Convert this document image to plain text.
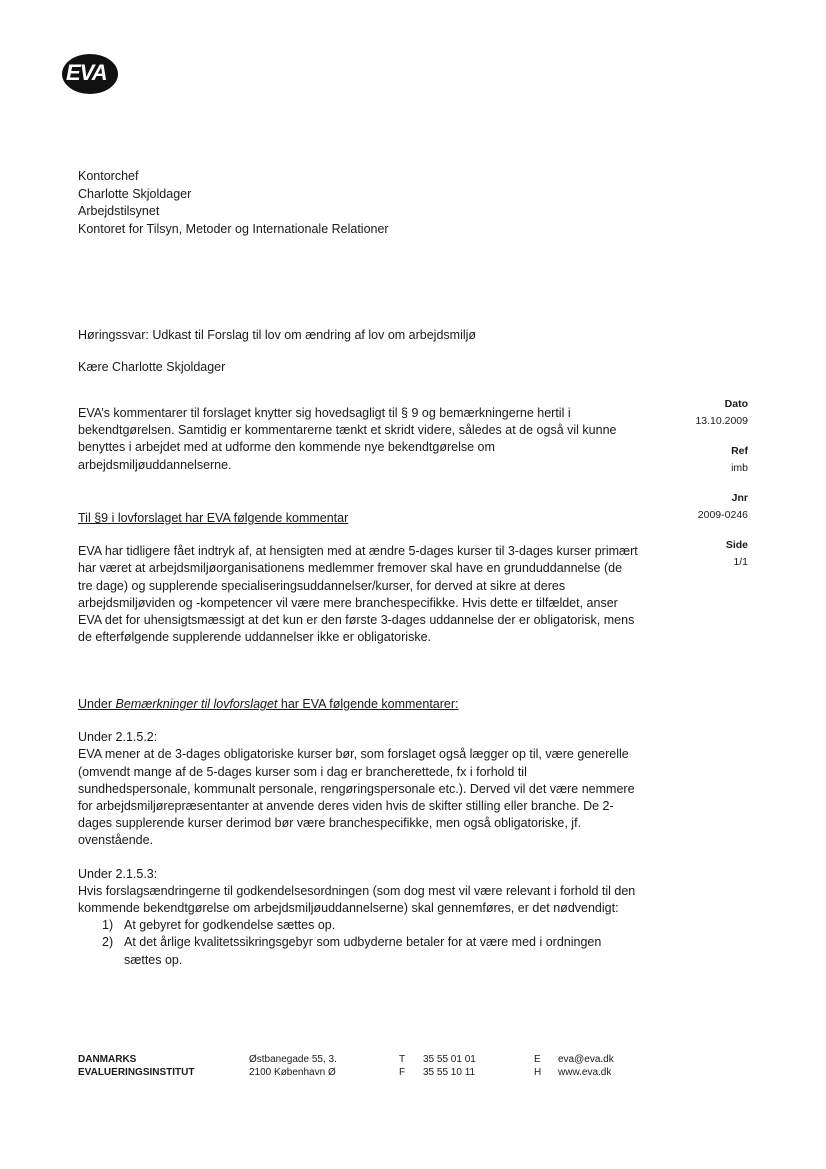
EVA
Kontorchef
Charlotte Skjoldager
Arbejdstilsynet
Kontoret for Tilsyn, Metoder og Internationale Relationer
Høringssvar: Udkast til Forslag til lov om ændring af lov om arbejdsmiljø
Kære Charlotte Skjoldager

EVA’s kommentarer til forslaget knytter sig hovedsagligt til § 9 og bemærkningerne hertil i bekendtgørelsen. Samtidig er kommentarerne tænkt et skridt videre, således at de også vil kunne benyttes i arbejdet med at udforme den kommende nye bekendtgørelse om arbejdsmiljøuddannelserne.

Til §9 i lovforslaget har EVA følgende kommentar

EVA har tidligere fået indtryk af, at hensigten med at ændre 5-dages kurser til 3-dages kurser primært har været at arbejdsmiljøorganisationens medlemmer fremover skal have en grunduddannelse (de tre dage) og supplerende specialiseringsuddannelser/kurser, for derved at sikre at deres arbejdsmiljøviden og -kompetencer vil være mere branchespecifikke. Hvis dette er tilfældet, anser EVA det for uhensigtsmæssigt at det kun er den første 3-dages uddannelse der er obligatorisk, mens de efterfølgende supplerende uddannelser ikke er obligatoriske.

Under Bemærkninger til lovforslaget har EVA følgende kommentarer:

Under 2.1.5.2:

EVA mener at de 3-dages obligatoriske kurser bør, som forslaget også lægger op til, være generelle (omvendt mange af de 5-dages kurser som i dag er brancherettede, fx i forhold til sundhedspersonale, kommunalt personale, rengøringspersonale etc.). Derved vil det være nemmere for arbejdsmiljørepræsentanter at anvende deres viden hvis de skifter stilling eller branche. De 2-dages supplerende kurser derimod bør være branchespecifikke, men også obligatoriske, jf. ovenstående.

Under 2.1.5.3:

Hvis forslagsændringerne til godkendelsesordningen (som dog mest vil være relevant i forhold til den kommende bekendtgørelse om arbejdsmiljøuddannelserne) skal gennemføres, er det nødvendigt:

1) At gebyret for godkendelse sættes op.
2) At det årlige kvalitetssikringsgebyr som udbyderne betaler for at være med i ordningen sættes op.
Dato
13.10.2009
Ref
imb
Jnr
2009-0246
Side
1/1
DANMARKS
EVALUERINGSINSTITUT
Østbanegade 55, 3.
2100 København Ø
T 35 55 01 01
F 35 55 10 11
E eva@eva.dk
H www.eva.dk
